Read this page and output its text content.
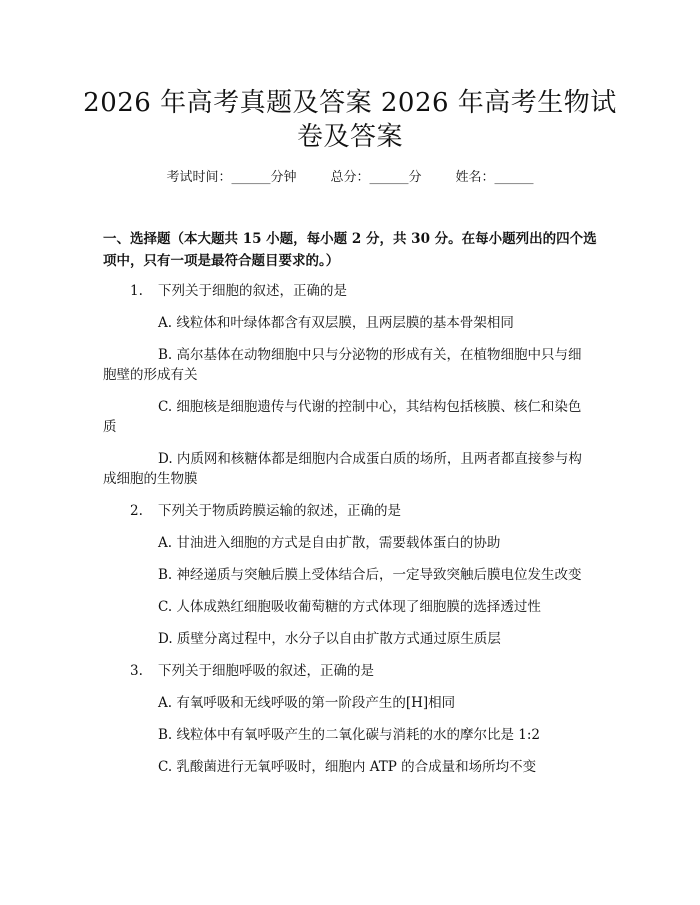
2026 年高考真题及答案 2026 年高考生物试
卷及答案
考试时间：______分钟	总分：______分	姓名：______

一、选择题（本大题共 15 小题，每小题 2 分，共 30 分。在每小题列出的四个选

项中，只有一项是最符合题目要求的。）

1. 下列关于细胞的叙述，正确的是
A. 线粒体和叶绿体都含有双层膜，且两层膜的基本骨架相同
B. 高尔基体在动物细胞中只与分泌物的形成有关，在植物细胞中只与细
胞壁的形成有关
C. 细胞核是细胞遗传与代谢的控制中心，其结构包括核膜、核仁和染色
质
D. 内质网和核糖体都是细胞内合成蛋白质的场所，且两者都直接参与构
成细胞的生物膜
2. 下列关于物质跨膜运输的叙述，正确的是
A. 甘油进入细胞的方式是自由扩散，需要载体蛋白的协助
B. 神经递质与突触后膜上受体结合后，一定导致突触后膜电位发生改变
C. 人体成熟红细胞吸收葡萄糖的方式体现了细胞膜的选择透过性
D. 质壁分离过程中，水分子以自由扩散方式通过原生质层
3. 下列关于细胞呼吸的叙述，正确的是
A. 有氧呼吸和无线呼吸的第一阶段产生的[H]相同
B. 线粒体中有氧呼吸产生的二氧化碳与消耗的水的摩尔比是 1:2
C. 乳酸菌进行无氧呼吸时，细胞内 ATP 的合成量和场所均不变
